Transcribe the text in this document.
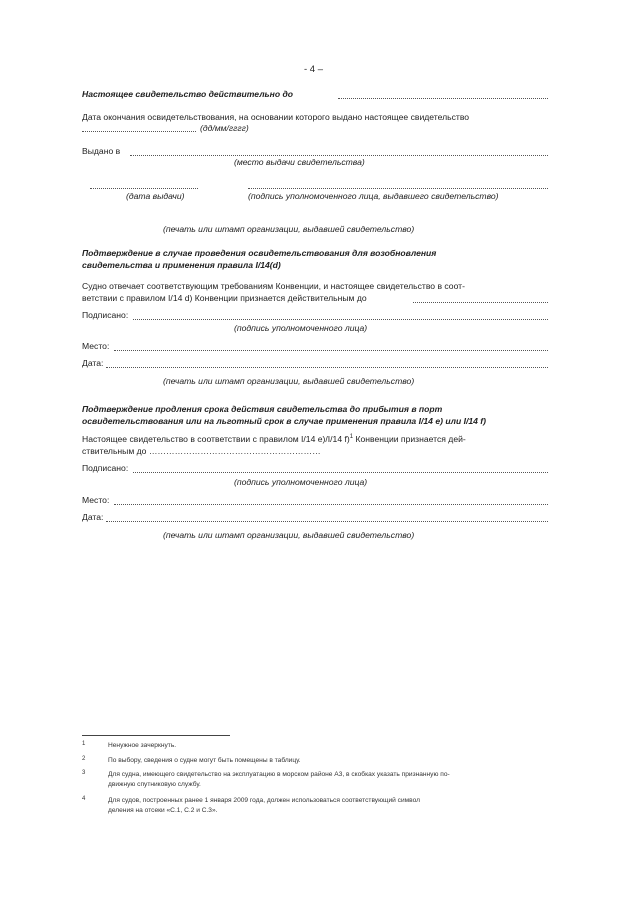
- 4 –
Настоящее свидетельство действительно до
Дата окончания освидетельствования, на основании которого выдано настоящее свидетельство
(дд/мм/гггг)
Выдано в
(место выдачи свидетельства)
(дата выдачи)	(подпись уполномоченного лица, выдавшего свидетельство)
(печать или штамп организации, выдавшей свидетельство)
Подтверждение в случае проведения освидетельствования для возобновления
свидетельства и применения правила I/14(d)
Судно отвечает соответствующим требованиям Конвенции, и настоящее свидетельство в соот-
ветствии с правилом I/14 d) Конвенции признается действительным до
Подписано:
(подпись уполномоченного лица)
Место:
Дата:
(печать или штамп организации, выдавшей свидетельство)
Подтверждение продления срока действия свидетельства до прибытия в порт
освидетельствования или на льготный срок в случае применения правила I/14 e) или I/14 f)
Настоящее свидетельство в соответствии с правилом I/14 e)/I/14 f)$^1$ Конвенции признается дей-
ствительным до ……………………………………………………
Подписано:
(подпись уполномоченного лица)
Место:
Дата:
(печать или штамп организации, выдавшей свидетельство)
1	Ненужное зачеркнуть.
2	По выбору, сведения о судне могут быть помещены в таблицу.
3	Для судна, имеющего свидетельство на эксплуатацию в морском районе А3, в скобках указать признанную по-
движную спутниковую службу.
4	Для судов, построенных ранее 1 января 2009 года, должен использоваться соответствующий символ
деления на отсеки «С.1, С.2 и С.3».
